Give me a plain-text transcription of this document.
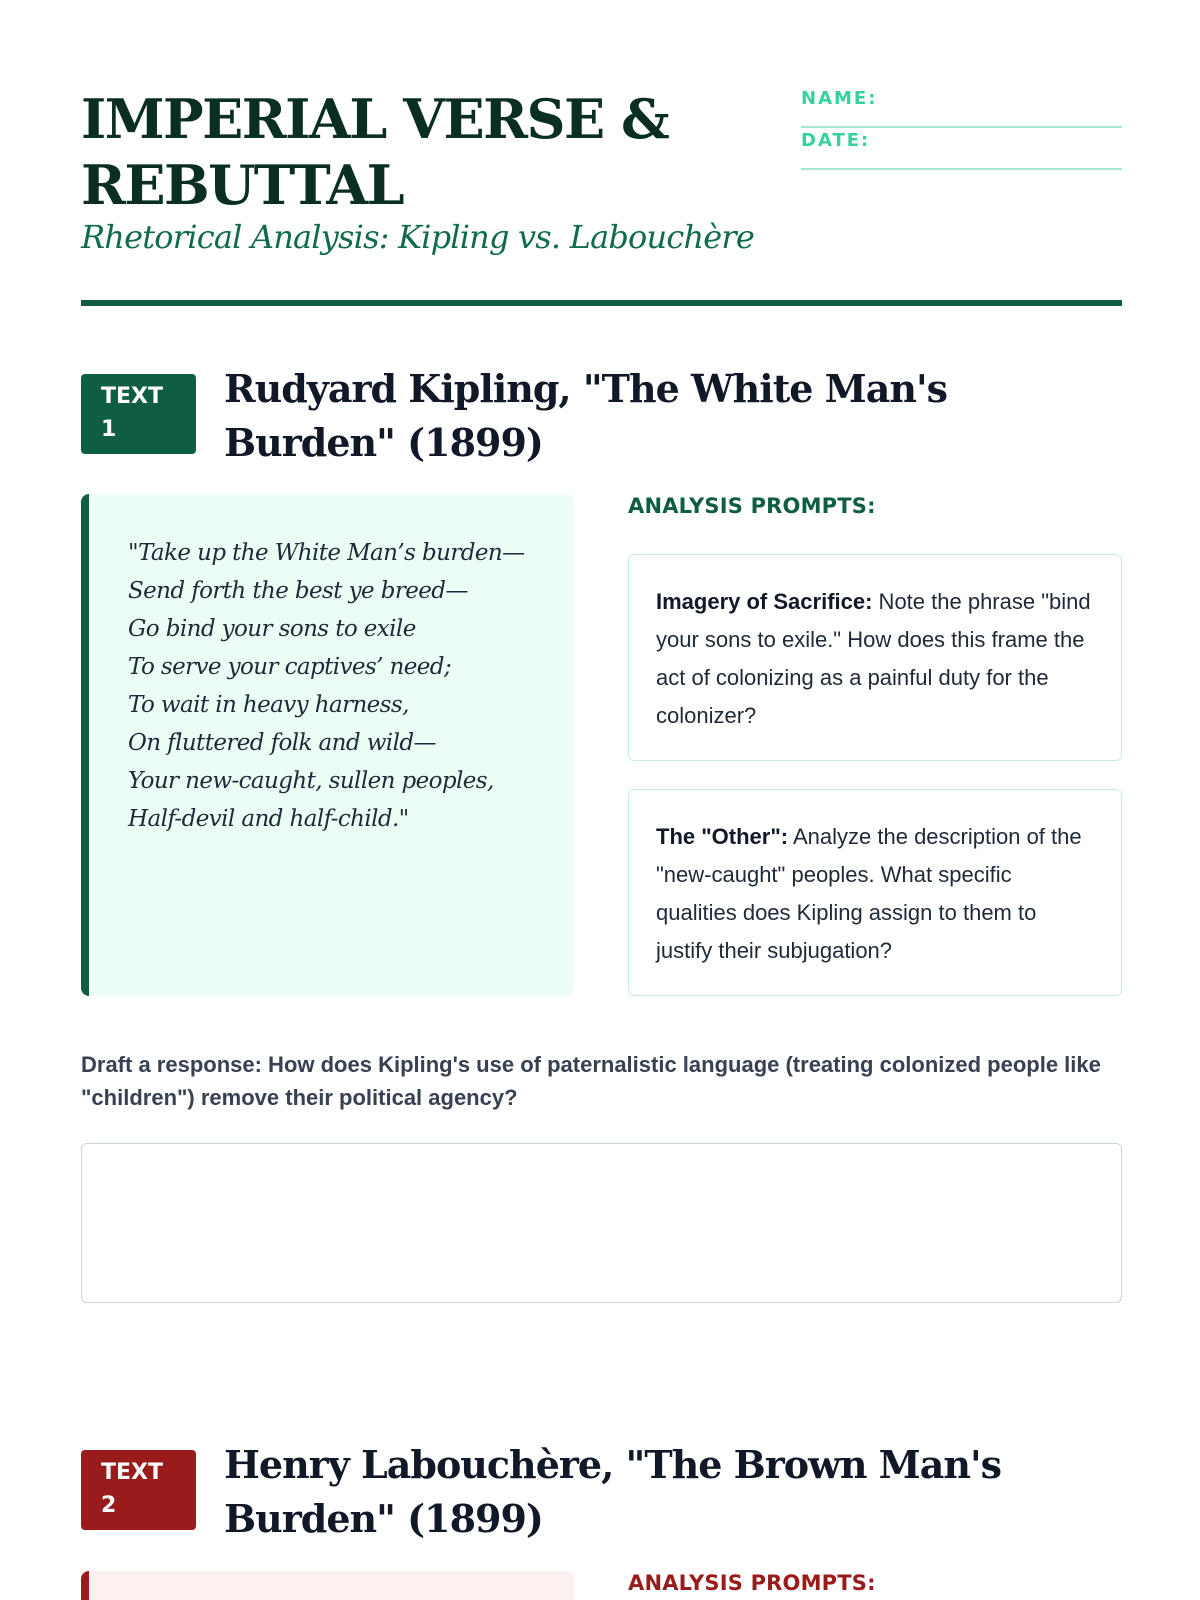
IMPERIAL VERSE & REBUTTAL
Rhetorical Analysis: Kipling vs. Labouchère
NAME:
DATE:
TEXT
1
Rudyard Kipling, "The White Man's Burden" (1899)
"Take up the White Man’s burden—
Send forth the best ye breed—
Go bind your sons to exile
To serve your captives’ need;
To wait in heavy harness,
On fluttered folk and wild—
Your new-caught, sullen peoples,
Half-devil and half-child."
ANALYSIS PROMPTS:
Imagery of Sacrifice: Note the phrase "bind your sons to exile." How does this frame the act of colonizing as a painful duty for the colonizer?
The "Other": Analyze the description of the "new-caught" peoples. What specific qualities does Kipling assign to them to justify their subjugation?
Draft a response: How does Kipling's use of paternalistic language (treating colonized people like "children") remove their political agency?
TEXT
2
Henry Labouchère, "The Brown Man's Burden" (1899)
ANALYSIS PROMPTS:
